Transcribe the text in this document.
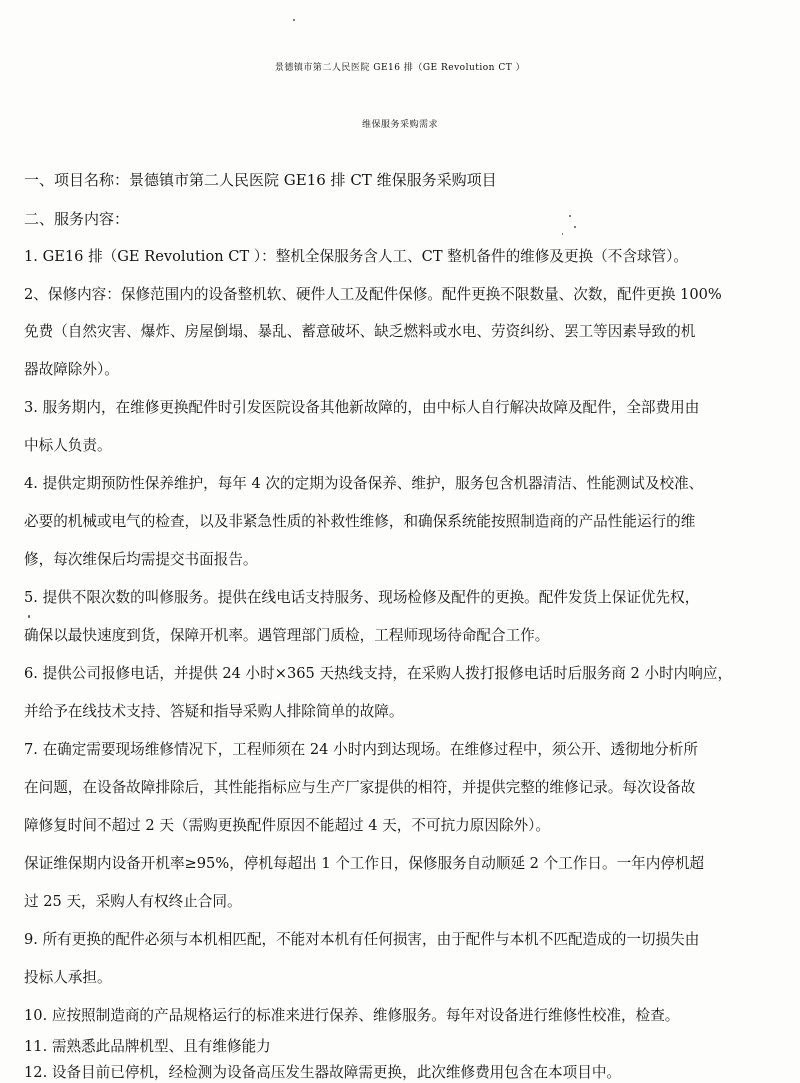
景德镇市第二人民医院 GE16 排（GE Revolution CT ）
维保服务采购需求
一、项目名称：景德镇市第二人民医院 GE16 排 CT 维保服务采购项目
二、服务内容：
1. GE16 排（GE Revolution CT ）：整机全保服务含人工、CT 整机备件的维修及更换（不含球管）。
2、保修内容：保修范围内的设备整机软、硬件人工及配件保修。配件更换不限数量、次数，配件更换 100%
免费（自然灾害、爆炸、房屋倒塌、暴乱、蓄意破坏、缺乏燃料或水电、劳资纠纷、罢工等因素导致的机
器故障除外）。
3. 服务期内，在维修更换配件时引发医院设备其他新故障的，由中标人自行解决故障及配件，全部费用由
中标人负责。
4. 提供定期预防性保养维护，每年 4 次的定期为设备保养、维护，服务包含机器清洁、性能测试及校准、
必要的机械或电气的检查，以及非紧急性质的补救性维修，和确保系统能按照制造商的产品性能运行的维
修，每次维保后均需提交书面报告。
5. 提供不限次数的叫修服务。提供在线电话支持服务、现场检修及配件的更换。配件发货上保证优先权，
确保以最快速度到货，保障开机率。遇管理部门质检，工程师现场待命配合工作。
6. 提供公司报修电话，并提供 24 小时×365 天热线支持，在采购人拨打报修电话时后服务商 2 小时内响应，
并给予在线技术支持、答疑和指导采购人排除简单的故障。
7. 在确定需要现场维修情况下，工程师须在 24 小时内到达现场。在维修过程中，须公开、透彻地分析所
在问题，在设备故障排除后，其性能指标应与生产厂家提供的相符，并提供完整的维修记录。每次设备故
障修复时间不超过 2 天（需购更换配件原因不能超过 4 天，不可抗力原因除外）。
保证维保期内设备开机率≥95%，停机每超出 1 个工作日，保修服务自动顺延 2 个工作日。一年内停机超
过 25 天，采购人有权终止合同。
9. 所有更换的配件必须与本机相匹配，不能对本机有任何损害，由于配件与本机不匹配造成的一切损失由
投标人承担。
10. 应按照制造商的产品规格运行的标准来进行保养、维修服务。每年对设备进行维修性校准，检查。
11. 需熟悉此品牌机型、且有维修能力
12. 设备目前已停机，经检测为设备高压发生器故障需更换，此次维修费用包含在本项目中。
